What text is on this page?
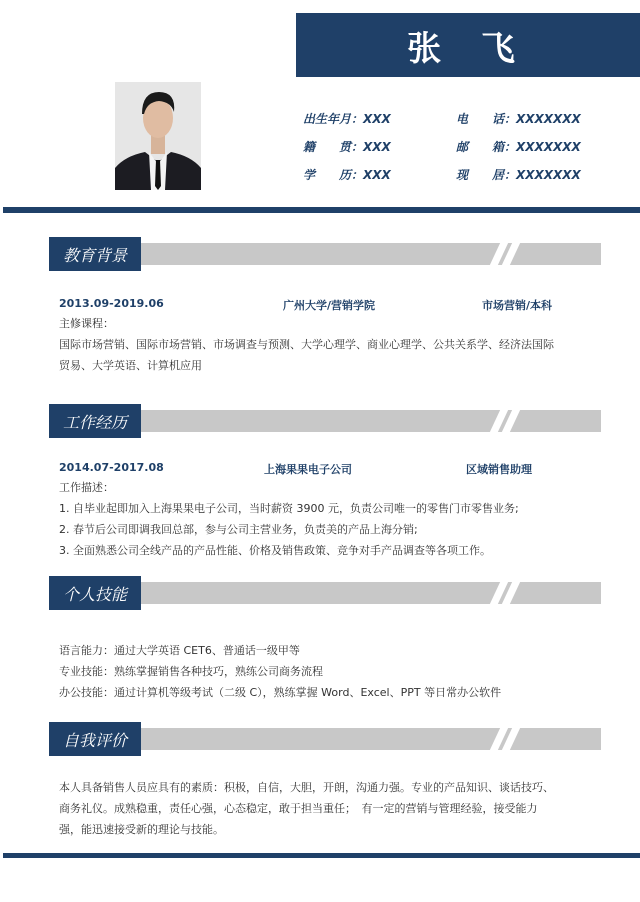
张 飞
出生年月：XXX	电　　话：XXXXXXX
籍　　贯：XXX	邮　　箱：XXXXXXX
学　　历：XXX	现　　居：XXXXXXX
教育背景
2013.09-2019.06	广州大学/营销学院	市场营销/本科
主修课程：
国际市场营销、国际市场营销、市场调查与预测、大学心理学、商业心理学、公共关系学、经济法国际
贸易、大学英语、计算机应用
工作经历
2014.07-2017.08	上海果果电子公司	区域销售助理
工作描述：
1. 自毕业起即加入上海果果电子公司，当时薪资 3900 元，负责公司唯一的零售门市零售业务;
2. 春节后公司即调我回总部，参与公司主营业务，负责美的产品上海分销;
3. 全面熟悉公司全线产品的产品性能、价格及销售政策、竞争对手产品调查等各项工作。
个人技能
语言能力：通过大学英语 CET6、普通话一级甲等
专业技能：熟练掌握销售各种技巧，熟练公司商务流程
办公技能：通过计算机等级考试（二级 C），熟练掌握 Word、Excel、PPT 等日常办公软件
自我评价
本人具备销售人员应具有的素质：积极，自信，大胆，开朗，沟通力强。专业的产品知识、谈话技巧、
商务礼仪。成熟稳重，责任心强，心态稳定，敢于担当重任；　有一定的营销与管理经验，接受能力
强，能迅速接受新的理论与技能。
